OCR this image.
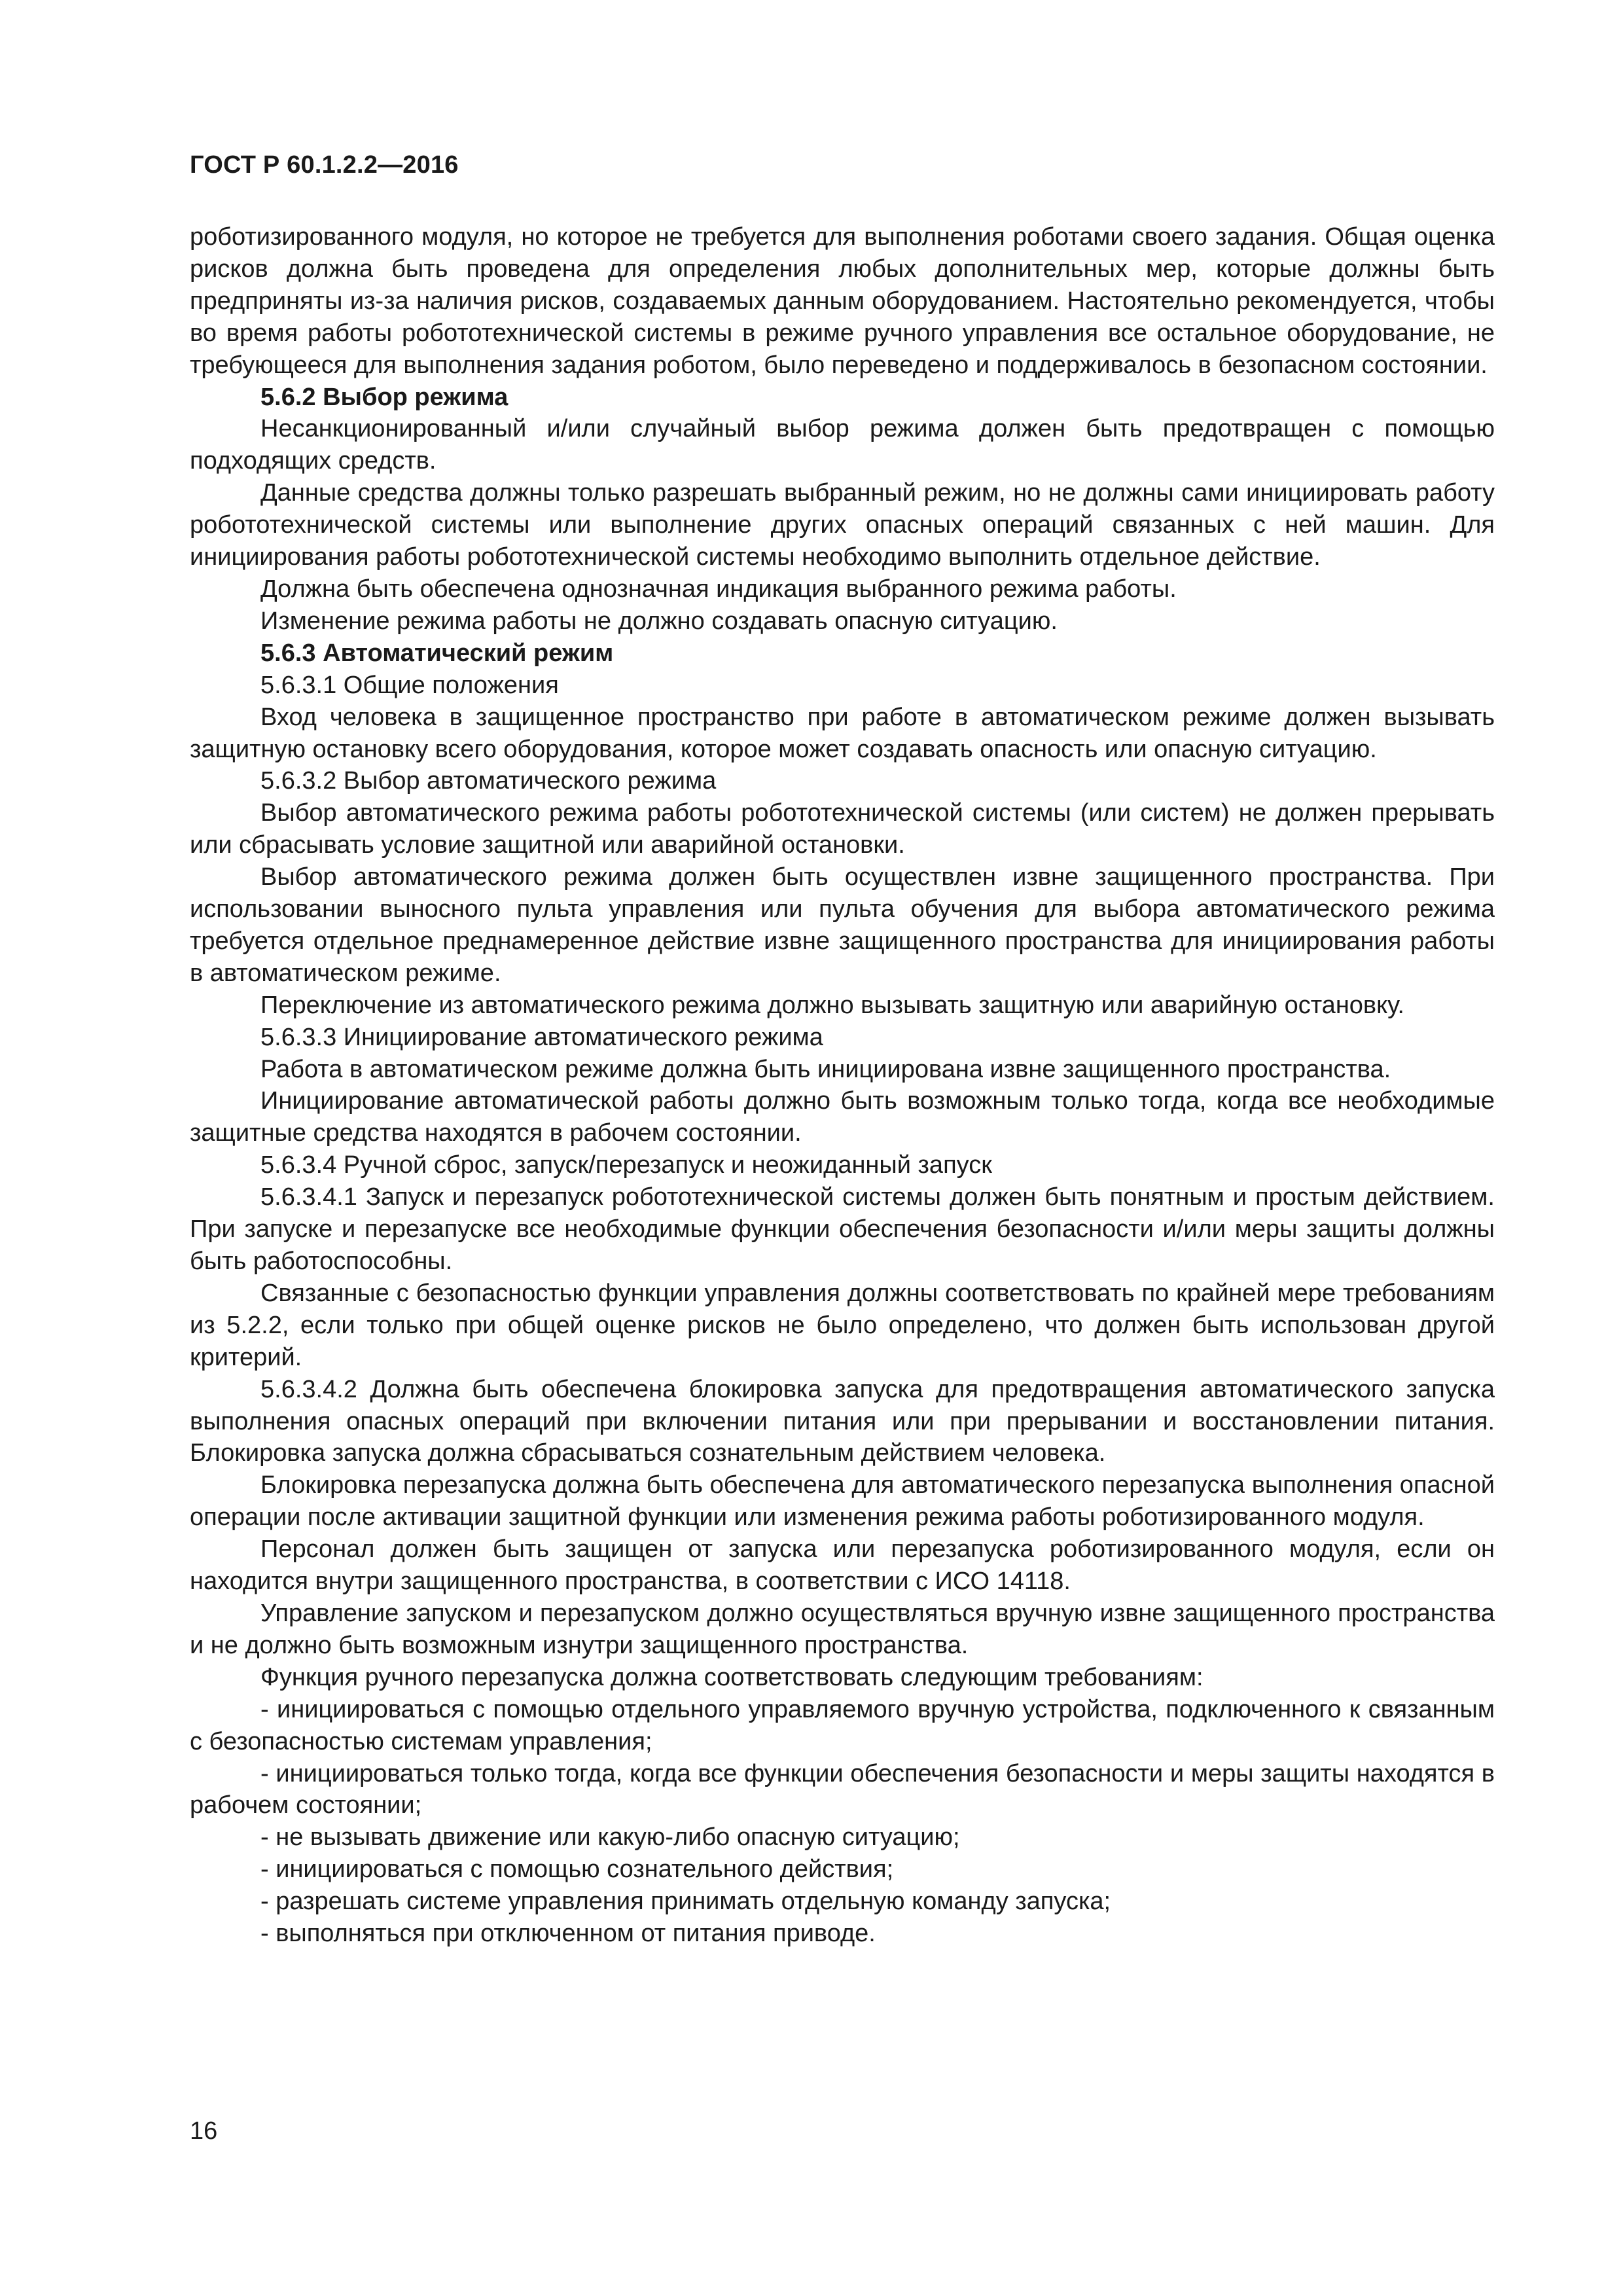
ГОСТ Р 60.1.2.2—2016

роботизированного модуля, но которое не требуется для выполнения роботами своего задания. Общая оценка рисков должна быть проведена для определения любых дополнительных мер, которые должны быть предприняты из-за наличия рисков, создаваемых данным оборудованием. Настоятельно рекомендуется, чтобы во время работы робототехнической системы в режиме ручного управления все остальное оборудование, не требующееся для выполнения задания роботом, было переведено и поддерживалось в безопасном состоянии.

5.6.2 Выбор режима

Несанкционированный и/или случайный выбор режима должен быть предотвращен с помощью подходящих средств.

Данные средства должны только разрешать выбранный режим, но не должны сами инициировать работу робототехнической системы или выполнение других опасных операций связанных с ней машин. Для инициирования работы робототехнической системы необходимо выполнить отдельное действие.

Должна быть обеспечена однозначная индикация выбранного режима работы.

Изменение режима работы не должно создавать опасную ситуацию.

5.6.3 Автоматический режим

5.6.3.1 Общие положения

Вход человека в защищенное пространство при работе в автоматическом режиме должен вызывать защитную остановку всего оборудования, которое может создавать опасность или опасную ситуацию.

5.6.3.2 Выбор автоматического режима

Выбор автоматического режима работы робототехнической системы (или систем) не должен прерывать или сбрасывать условие защитной или аварийной остановки.

Выбор автоматического режима должен быть осуществлен извне защищенного пространства. При использовании выносного пульта управления или пульта обучения для выбора автоматического режима требуется отдельное преднамеренное действие извне защищенного пространства для инициирования работы в автоматическом режиме.

Переключение из автоматического режима должно вызывать защитную или аварийную остановку.

5.6.3.3 Инициирование автоматического режима

Работа в автоматическом режиме должна быть инициирована извне защищенного пространства.

Инициирование автоматической работы должно быть возможным только тогда, когда все необходимые защитные средства находятся в рабочем состоянии.

5.6.3.4 Ручной сброс, запуск/перезапуск и неожиданный запуск

5.6.3.4.1 Запуск и перезапуск робототехнической системы должен быть понятным и простым действием. При запуске и перезапуске все необходимые функции обеспечения безопасности и/или меры защиты должны быть работоспособны.

Связанные с безопасностью функции управления должны соответствовать по крайней мере требованиям из 5.2.2, если только при общей оценке рисков не было определено, что должен быть использован другой критерий.

5.6.3.4.2 Должна быть обеспечена блокировка запуска для предотвращения автоматического запуска выполнения опасных операций при включении питания или при прерывании и восстановлении питания. Блокировка запуска должна сбрасываться сознательным действием человека.

Блокировка перезапуска должна быть обеспечена для автоматического перезапуска выполнения опасной операции после активации защитной функции или изменения режима работы роботизированного модуля.

Персонал должен быть защищен от запуска или перезапуска роботизированного модуля, если он находится внутри защищенного пространства, в соответствии с ИСО 14118.

Управление запуском и перезапуском должно осуществляться вручную извне защищенного пространства и не должно быть возможным изнутри защищенного пространства.

Функция ручного перезапуска должна соответствовать следующим требованиям:

- инициироваться с помощью отдельного управляемого вручную устройства, подключенного к связанным с безопасностью системам управления;

- инициироваться только тогда, когда все функции обеспечения безопасности и меры защиты находятся в рабочем состоянии;

- не вызывать движение или какую-либо опасную ситуацию;

- инициироваться с помощью сознательного действия;

- разрешать системе управления принимать отдельную команду запуска;

- выполняться при отключенном от питания приводе.

16
